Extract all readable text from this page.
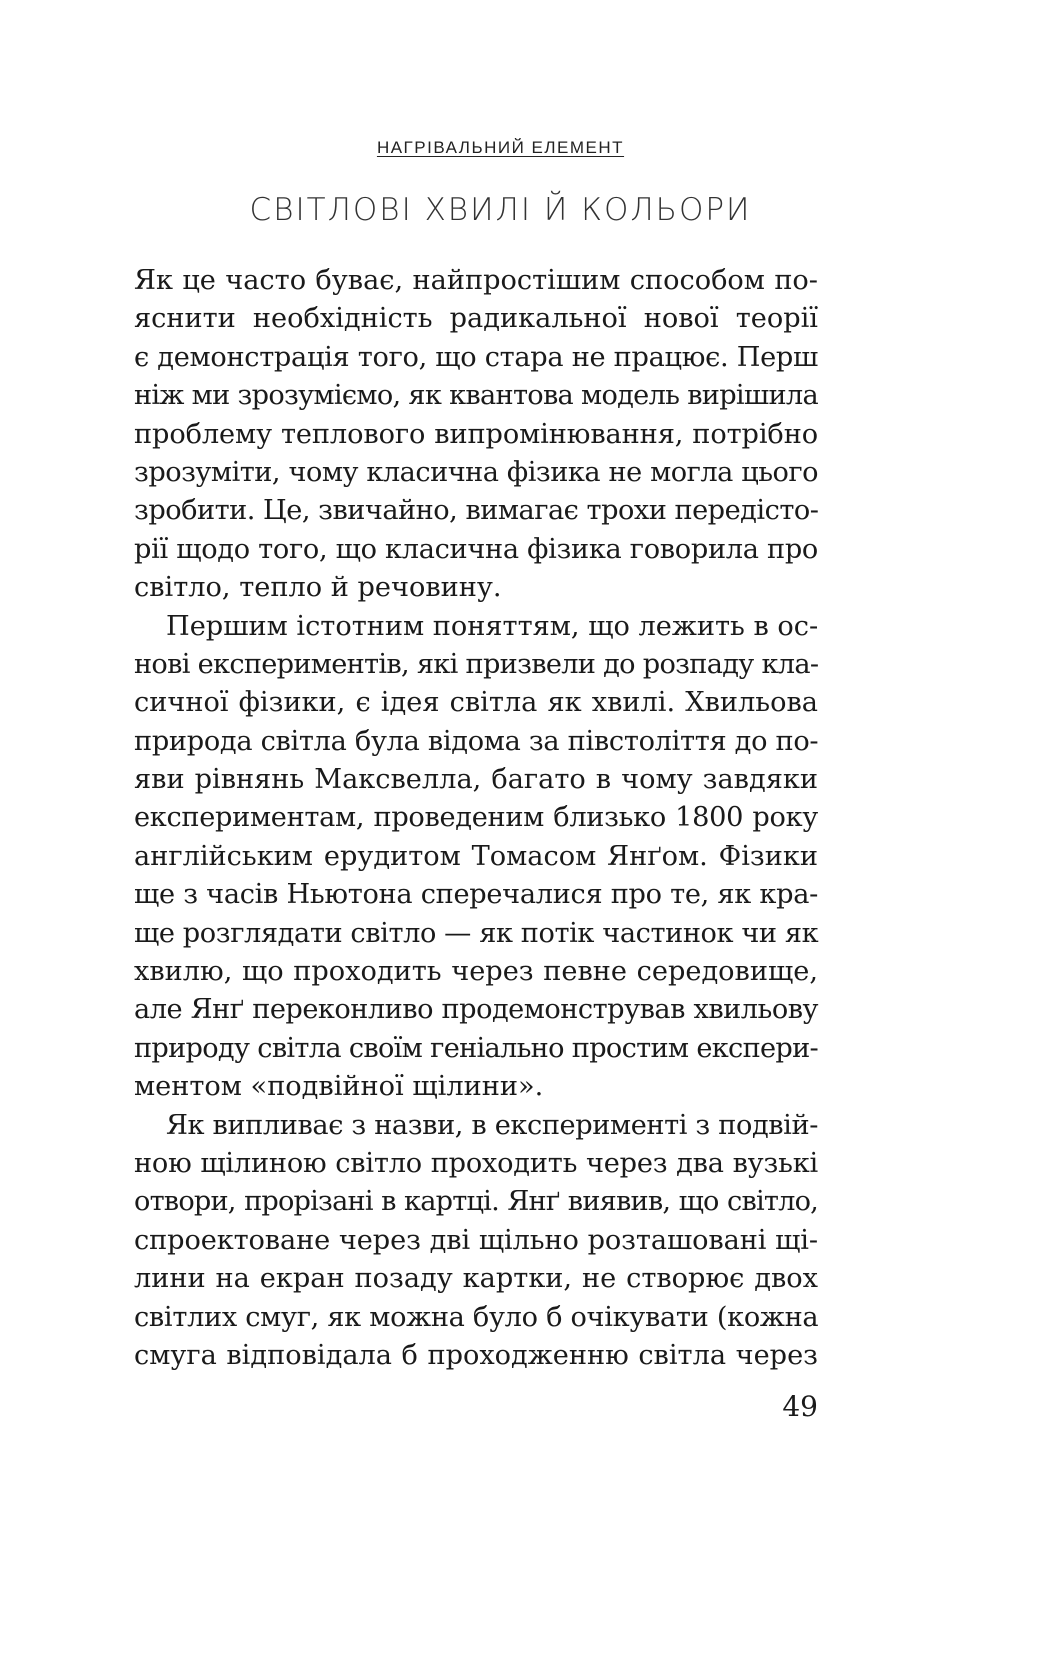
НАГРІВАЛЬНИЙ ЕЛЕМЕНТ
СВІТЛОВІ ХВИЛІ Й КОЛЬОРИ
Як це часто буває, найпростішим способом по-
яснити необхідність радикальної нової теорії
є демонстрація того, що стара не працює. Перш
ніж ми зрозуміємо, як квантова модель вирішила
проблему теплового випромінювання, потрібно
зрозуміти, чому класична фізика не могла цього
зробити. Це, звичайно, вимагає трохи передісто-
рії щодо того, що класична фізика говорила про
світло, тепло й речовину.
Першим істотним поняттям, що лежить в ос-
нові експериментів, які призвели до розпаду кла-
сичної фізики, є ідея світла як хвилі. Хвильова
природа світла була відома за півстоліття до по-
яви рівнянь Максвелла, багато в чому завдяки
експериментам, проведеним близько 1800 року
англійським ерудитом Томасом Янґом. Фізики
ще з часів Ньютона сперечалися про те, як кра-
ще розглядати світло — як потік частинок чи як
хвилю, що проходить через певне середовище,
але Янґ переконливо продемонстрував хвильову
природу світла своїм геніально простим експери-
ментом «подвійної щілини».
Як випливає з назви, в експерименті з подвій-
ною щілиною світло проходить через два вузькі
отвори, прорізані в картці. Янґ виявив, що світло,
спроектоване через дві щільно розташовані щі-
лини на екран позаду картки, не створює двох
світлих смуг, як можна було б очікувати (кожна
смуга відповідала б проходженню світла через
49
